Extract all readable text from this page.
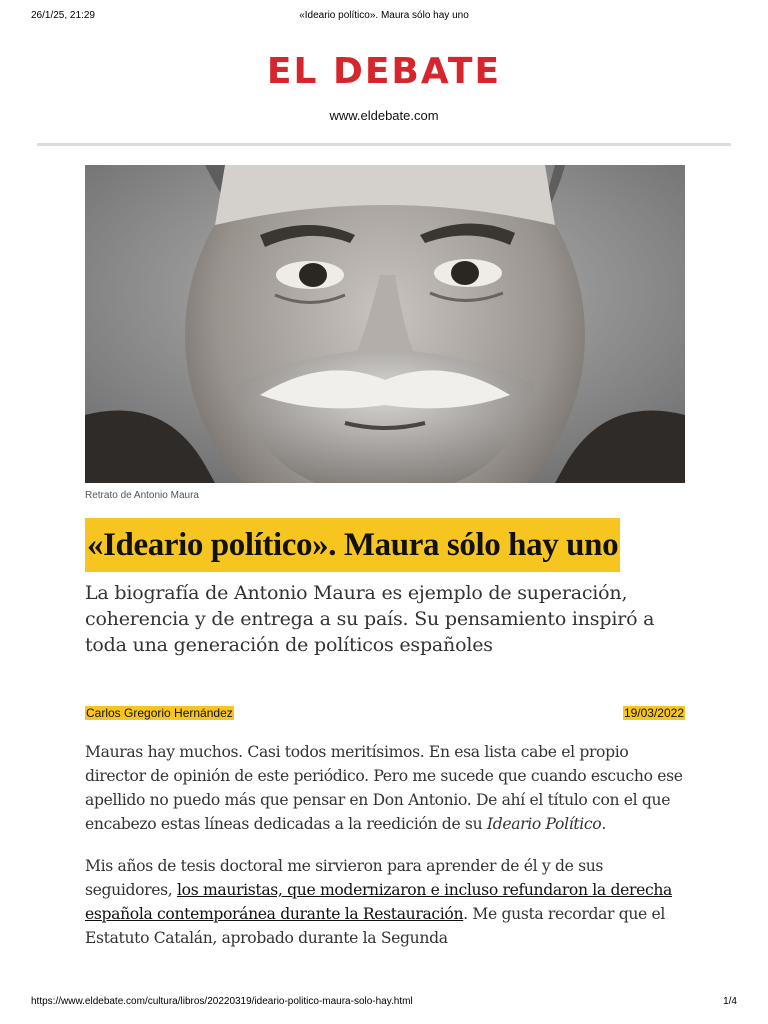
26/1/25, 21:29	«Ideario político». Maura sólo hay uno
EL DEBATE
www.eldebate.com
Retrato de Antonio Maura
«Ideario político». Maura sólo hay uno
La biografía de Antonio Maura es ejemplo de superación, coherencia y de entrega a su país. Su pensamiento inspiró a toda una generación de políticos españoles
Carlos Gregorio Hernández	19/03/2022

Mauras hay muchos. Casi todos meritísimos. En esa lista cabe el propio director de opinión de este periódico. Pero me sucede que cuando escucho ese apellido no puedo más que pensar en Don Antonio. De ahí el título con el que encabezo estas líneas dedicadas a la reedición de su Ideario Político.

Mis años de tesis doctoral me sirvieron para aprender de él y de sus seguidores, los mauristas, que modernizaron e incluso refundaron la derecha española contemporánea durante la Restauración. Me gusta recordar que el Estatuto Catalán, aprobado durante la Segunda

https://www.eldebate.com/cultura/libros/20220319/ideario-politico-maura-solo-hay.html	1/4
